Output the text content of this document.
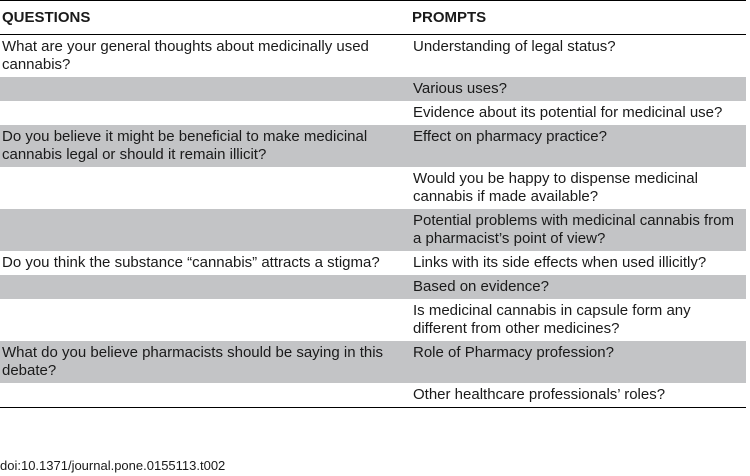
QUESTIONS	PROMPTS
What are your general thoughts about medicinally used cannabis?	Understanding of legal status?
	Various uses?
	Evidence about its potential for medicinal use?
Do you believe it might be beneficial to make medicinal cannabis legal or should it remain illicit?	Effect on pharmacy practice?
	Would you be happy to dispense medicinal cannabis if made available?
	Potential problems with medicinal cannabis from a pharmacist’s point of view?
Do you think the substance “cannabis” attracts a stigma?	Links with its side effects when used illicitly?
	Based on evidence?
	Is medicinal cannabis in capsule form any different from other medicines?
What do you believe pharmacists should be saying in this debate?	Role of Pharmacy profession?
	Other healthcare professionals’ roles?
doi:10.1371/journal.pone.0155113.t002
